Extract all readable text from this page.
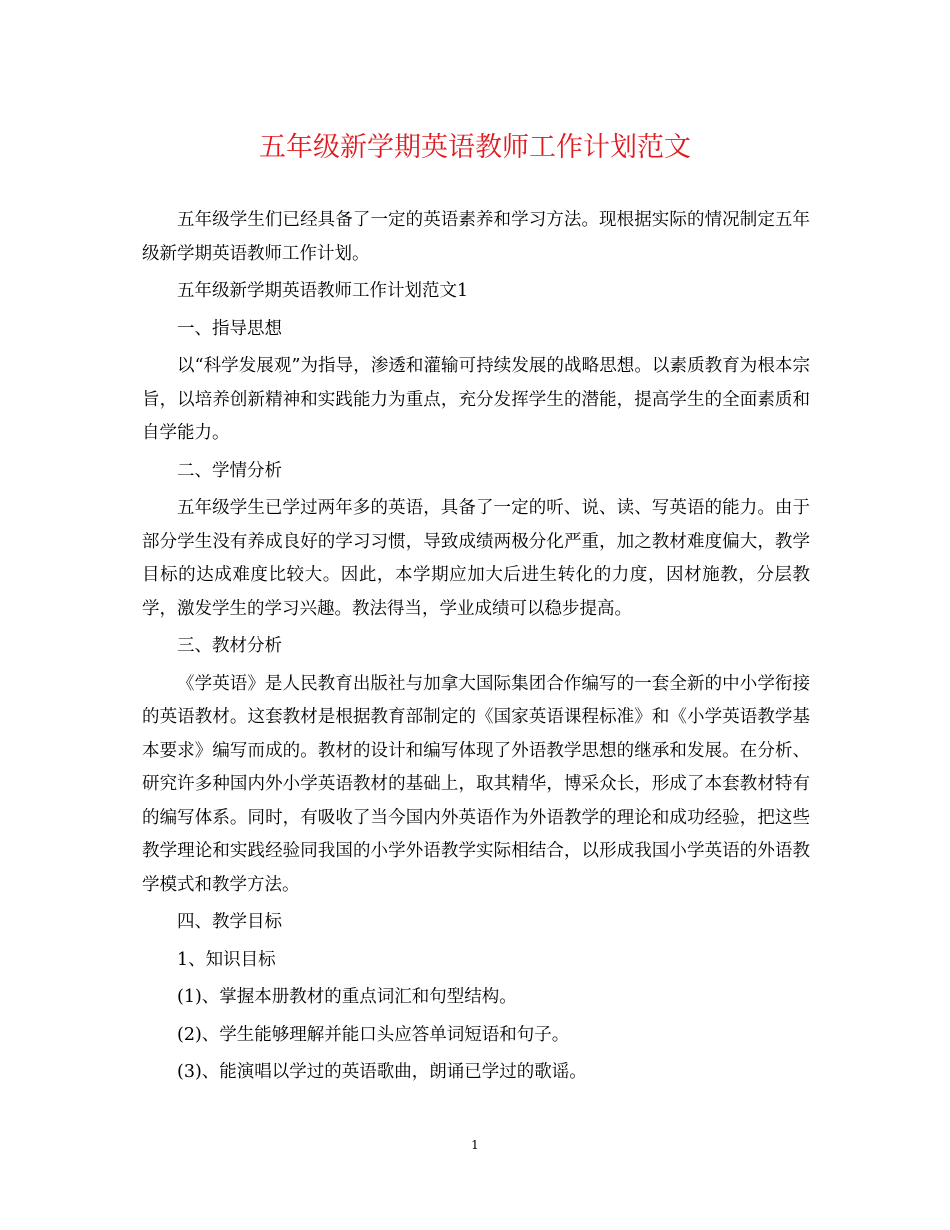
五年级新学期英语教师工作计划范文

五年级学生们已经具备了一定的英语素养和学习方法。现根据实际的情况制定五年级新学期英语教师工作计划。

五年级新学期英语教师工作计划范文1

一、指导思想

以“科学发展观”为指导，渗透和灌输可持续发展的战略思想。以素质教育为根本宗旨，以培养创新精神和实践能力为重点，充分发挥学生的潜能，提高学生的全面素质和自学能力。

二、学情分析

五年级学生已学过两年多的英语，具备了一定的听、说、读、写英语的能力。由于部分学生没有养成良好的学习习惯，导致成绩两极分化严重，加之教材难度偏大，教学目标的达成难度比较大。因此，本学期应加大后进生转化的力度，因材施教，分层教学，激发学生的学习兴趣。教法得当，学业成绩可以稳步提高。

三、教材分析

《学英语》是人民教育出版社与加拿大国际集团合作编写的一套全新的中小学衔接的英语教材。这套教材是根据教育部制定的《国家英语课程标准》和《小学英语教学基本要求》编写而成的。教材的设计和编写体现了外语教学思想的继承和发展。在分析、研究许多种国内外小学英语教材的基础上，取其精华，博采众长，形成了本套教材特有的编写体系。同时，有吸收了当今国内外英语作为外语教学的理论和成功经验，把这些教学理论和实践经验同我国的小学外语教学实际相结合，以形成我国小学英语的外语教学模式和教学方法。

四、教学目标

1、知识目标

(1)、掌握本册教材的重点词汇和句型结构。

(2)、学生能够理解并能口头应答单词短语和句子。

(3)、能演唱以学过的英语歌曲，朗诵已学过的歌谣。

1
